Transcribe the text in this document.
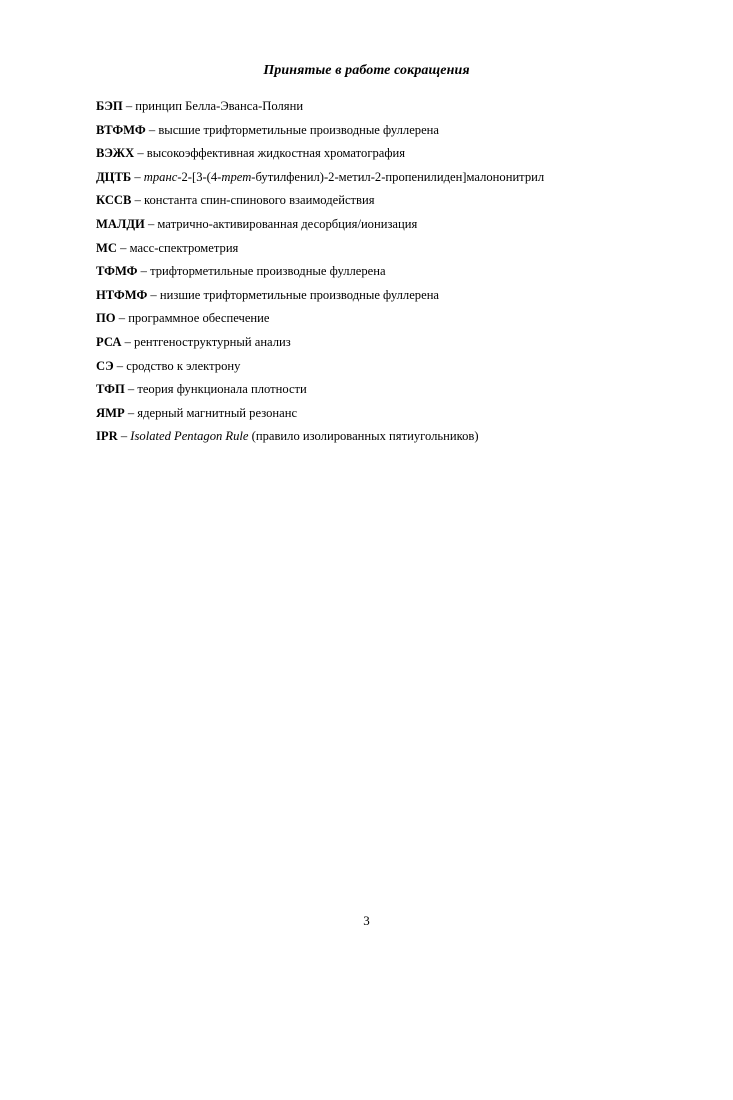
Принятые в работе сокращения
БЭП – принцип Белла-Эванса-Поляни
ВТФМФ – высшие трифторметильные производные фуллерена
ВЭЖХ – высокоэффективная жидкостная хроматография
ДЦТБ – транс-2-[3-(4-трет-бутилфенил)-2-метил-2-пропенилиден]малононитрил
КССВ – константа спин-спинового взаимодействия
МАЛДИ – матрично-активированная десорбция/ионизация
МС – масс-спектрометрия
ТФМФ – трифторметильные производные фуллерена
НТФМФ – низшие трифторметильные производные фуллерена
ПО – программное обеспечение
РСА – рентгеноструктурный анализ
СЭ – сродство к электрону
ТФП – теория функционала плотности
ЯМР – ядерный магнитный резонанс
IPR – Isolated Pentagon Rule (правило изолированных пятиугольников)
3
